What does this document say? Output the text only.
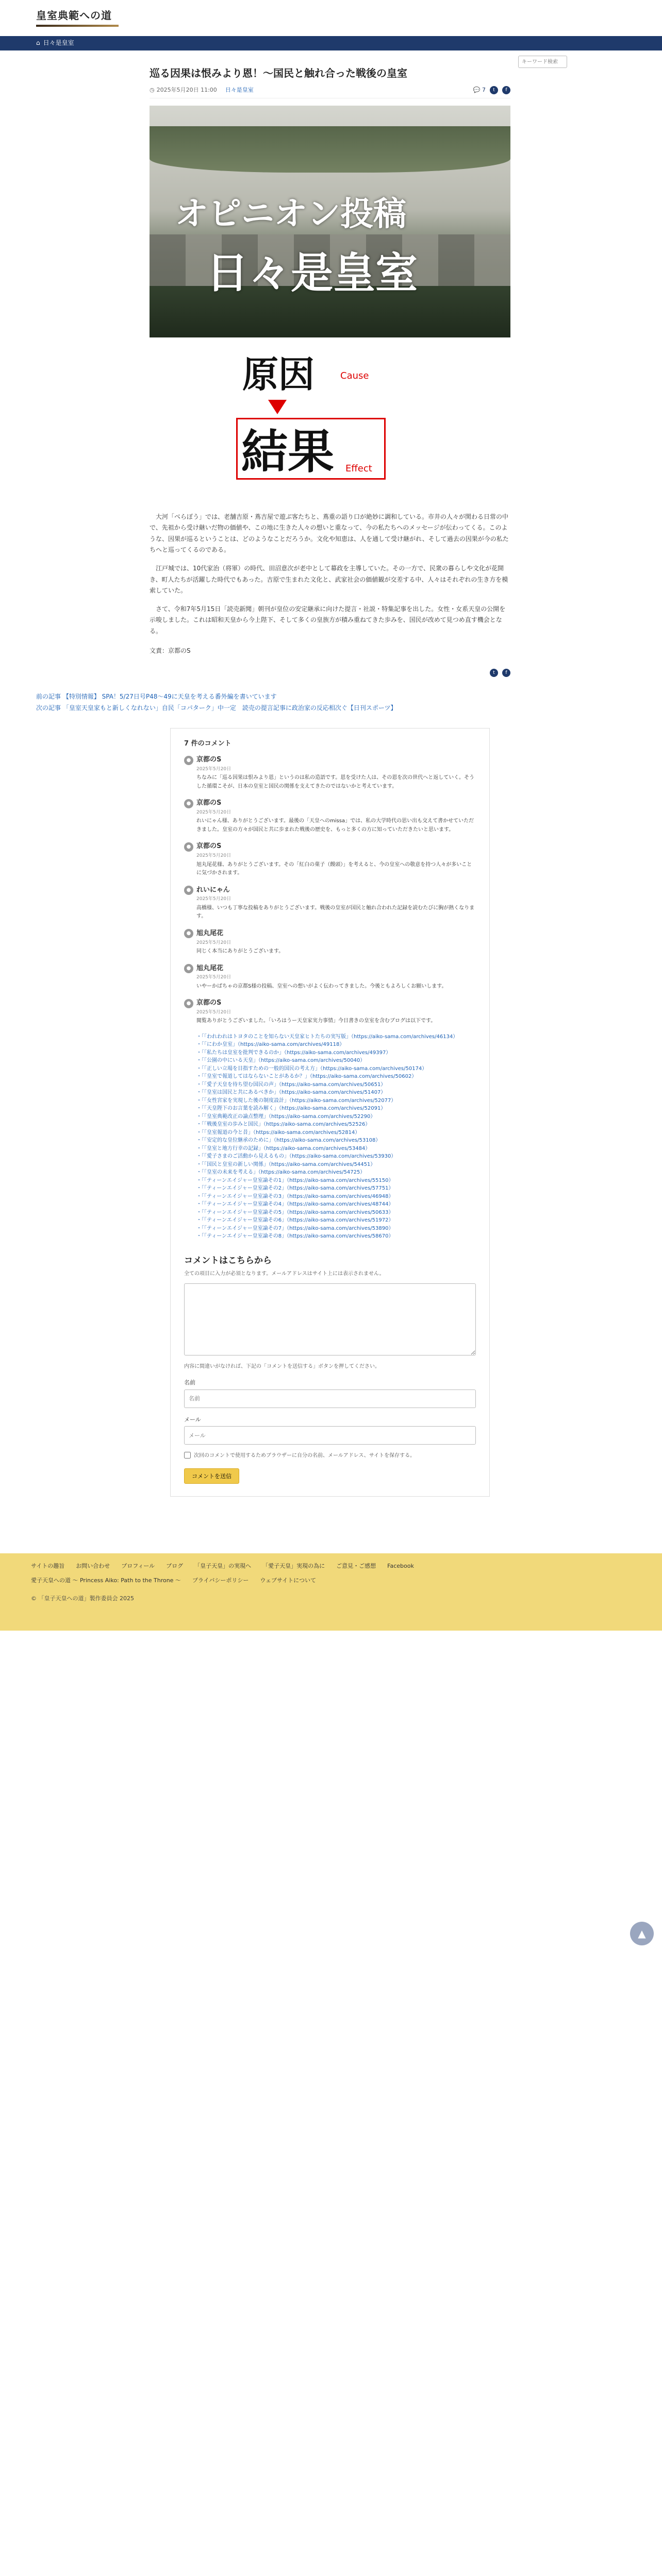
皇室典範への道
⌂ 日々是皇室
キーワード検索
巡る因果は恨みより恩！〜国民と触れ合った戦後の皇室
◷ 2025年5月20日 11:00 日々是皇室	💬 7	t	f
オピニオン投稿
日々是皇室
原因	Cause
結果 Effect

大河「べらぼう」では、老舗吉原・蔦吉屋で遊ぶ客たちと、蔦重の語り口が絶妙に調和している。市井の人々が関わる日常の中で、先祖から受け継いだ物の価値や、この地に生きた人々の想いと重なって、今の私たちへのメッセージが伝わってくる。このような、因果が巡るということは、どのようなことだろうか。文化や知恵は、人を通して受け継がれ、そして過去の因果が今の私たちへと巡ってくるのである。

江戸城では、10代家治（将軍）の時代、田沼意次が老中として幕政を主導していた。その一方で、民衆の暮らしや文化が花開き、町人たちが活躍した時代でもあった。吉原で生まれた文化と、武家社会の価値観が交差する中、人々はそれぞれの生き方を模索していた。

さて、令和7年5月15日「読売新聞」朝刊が皇位の安定継承に向けた提言・社説・特集記事を出した。女性・女系天皇の公開を示唆しました。これは昭和天皇から今上陛下、そして多くの皇族方が積み重ねてきた歩みを、国民が改めて見つめ直す機会となる。

文責：京都のS
t	f
前の記事 【特別情報】 SPA！5/27日号P48〜49に天皇を考える番外編を書いています
次の記事 「皇室天皇家もと新しくなれない」自民「コパターク」中一定　読売の提言記事に政治家の反応相次ぐ【日刊スポーツ】
7 件のコメント
● 京都のS
2025年5月20日
ちなみに「巡る因果は恨みより恩」というのは私の造語です。恩を受けた人は、その恩を次の世代へと返していく。そうした循環こそが、日本の皇室と国民の関係を支えてきたのではないかと考えています。
● 京都のS
2025年5月20日
れいにゃん様、ありがとうございます。最後の「天皇へのmissa」では、私の大学時代の思い出も交えて書かせていただきました。皇室の方々が国民と共に歩まれた戦後の歴史を、もっと多くの方に知っていただきたいと思います。
● 京都のS
2025年5月20日
旭丸尾花様、ありがとうございます。その「紅白の菓子（饅頭）」を考えると、今の皇室への敬意を持つ人々が多いことに気づかされます。
● れいにゃん
2025年5月20日
高橋様、いつも丁寧な投稿をありがとうございます。戦後の皇室が国民と触れ合われた記録を読むたびに胸が熱くなります。
● 旭丸尾花
2025年5月20日
同じく本当にありがとうございます。
● 旭丸尾花
2025年5月20日
いやーかばちゃの京都S様の投稿、皇室への想いがよく伝わってきました。今後ともよろしくお願いします。
● 京都のS
2025年5月20日
閲覧ありがとうございました。「いろはうー天皇家実力事情」今日書きの皇室を含むブログは以下です。
・「「われわれはトヨタのことを知らない天皇家ヒトたちの実写版」（https://aiko-sama.com/archives/46134）
・「「にわか皇室」（https://aiko-sama.com/archives/49118）
・「「私たちは皇室を批判できるのか」（https://aiko-sama.com/archives/49397）
・「「公園の中にいる天皇」（https://aiko-sama.com/archives/50040）
・「「正しい立場を目指すための一般的国民の考え方」（https://aiko-sama.com/archives/50174）
・「「皇室で報道してはならないことがあるか？」（https://aiko-sama.com/archives/50602）
・「「愛子天皇を待ち望む国民の声」（https://aiko-sama.com/archives/50651）
・「「皇室は国民と共にあるべきか」（https://aiko-sama.com/archives/51407）
・「「女性宮家を実現した後の制度設計」（https://aiko-sama.com/archives/52077）
・「「天皇陛下のお言葉を読み解く」（https://aiko-sama.com/archives/52091）
・「「皇室典範改正の論点整理」（https://aiko-sama.com/archives/52290）
・「「戦後皇室の歩みと国民」（https://aiko-sama.com/archives/52526）
・「「皇室報道の今と昔」（https://aiko-sama.com/archives/52814）
・「「安定的な皇位継承のために」（https://aiko-sama.com/archives/53108）
・「「皇室と地方行幸の記録」（https://aiko-sama.com/archives/53484）
・「「愛子さまのご活動から見えるもの」（https://aiko-sama.com/archives/53930）
・「「国民と皇室の新しい関係」（https://aiko-sama.com/archives/54451）
・「「皇室の未来を考える」（https://aiko-sama.com/archives/54725）
・「「ティーンエイジャー皇室論その1」（https://aiko-sama.com/archives/55150）
・「「ティーンエイジャー皇室論その2」（https://aiko-sama.com/archives/57751）
・「「ティーンエイジャー皇室論その3」（https://aiko-sama.com/archives/46948）
・「「ティーンエイジャー皇室論その4」（https://aiko-sama.com/archives/48744）
・「「ティーンエイジャー皇室論その5」（https://aiko-sama.com/archives/50633）
・「「ティーンエイジャー皇室論その6」（https://aiko-sama.com/archives/51972）
・「「ティーンエイジャー皇室論その7」（https://aiko-sama.com/archives/53890）
・「「ティーンエイジャー皇室論その8」（https://aiko-sama.com/archives/58670）
コメントはこちらから
全ての項目に入力が必須となります。メールアドレスはサイト上には表示されません。
内容に間違いがなければ、下記の「コメントを送信する」ボタンを押してください。
名前
名前
メール
メール
次回のコメントで使用するためブラウザーに自分の名前、メールアドレス、サイトを保存する。
コメントを送信
▲
サイトの趣旨 お問い合わせ プロフィール ブログ 「皇子天皇」の実現へ 「愛子天皇」実現の為に ご意見・ご感想 Facebook
愛子天皇への道 〜 Princess Aiko: Path to the Throne 〜 プライバシーポリシー ウェブサイトについて
© 「皇子天皇への道」製作委員会 2025
